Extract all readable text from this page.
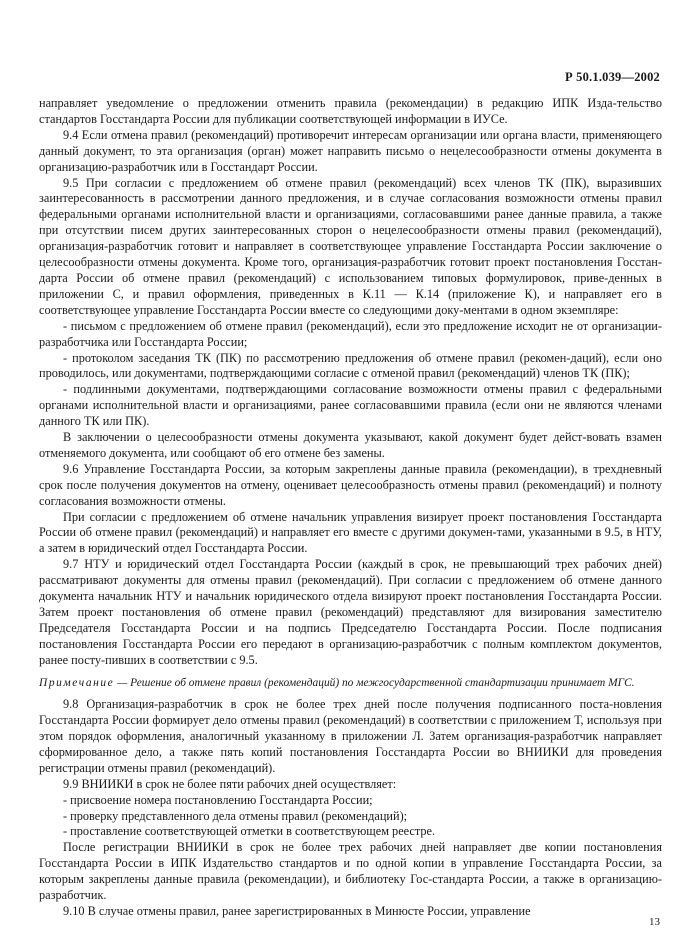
Р 50.1.039—2002

направляет уведомление о предложении отменить правила (рекомендации) в редакцию ИПК Изда-тельство стандартов Госстандарта России для публикации соответствующей информации в ИУСе.

9.4 Если отмена правил (рекомендаций) противоречит интересам организации или органа власти, применяющего данный документ, то эта организация (орган) может направить письмо о нецелесообразности отмены документа в организацию-разработчик или в Госстандарт России.

9.5 При согласии с предложением об отмене правил (рекомендаций) всех членов ТК (ПК), выразивших заинтересованность в рассмотрении данного предложения, и в случае согласования возможности отмены правил федеральными органами исполнительной власти и организациями, согласовавшими ранее данные правила, а также при отсутствии писем других заинтересованных сторон о нецелесообразности отмены правил (рекомендаций), организация-разработчик готовит и направляет в соответствующее управление Госстандарта России заключение о целесообразности отмены документа. Кроме того, организация-разработчик готовит проект постановления Госстан-дарта России об отмене правил (рекомендаций) с использованием типовых формулировок, приве-денных в приложении С, и правил оформления, приведенных в К.11 — К.14 (приложение К), и направляет его в соответствующее управление Госстандарта России вместе со следующими доку-ментами в одном экземпляре:

- письмом с предложением об отмене правил (рекомендаций), если это предложение исходит не от организации-разработчика или Госстандарта России;

- протоколом заседания ТК (ПК) по рассмотрению предложения об отмене правил (рекомен-даций), если оно проводилось, или документами, подтверждающими согласие с отменой правил (рекомендаций) членов ТК (ПК);

- подлинными документами, подтверждающими согласование возможности отмены правил с федеральными органами исполнительной власти и организациями, ранее согласовавшими правила (если они не являются членами данного ТК или ПК).

В заключении о целесообразности отмены документа указывают, какой документ будет дейст-вовать взамен отменяемого документа, или сообщают об его отмене без замены.

9.6 Управление Госстандарта России, за которым закреплены данные правила (рекомендации), в трехдневный срок после получения документов на отмену, оценивает целесообразность отмены правил (рекомендаций) и полноту согласования возможности отмены.

При согласии с предложением об отмене начальник управления визирует проект постановления Госстандарта России об отмене правил (рекомендаций) и направляет его вместе с другими докумен-тами, указанными в 9.5, в НТУ, а затем в юридический отдел Госстандарта России.

9.7 НТУ и юридический отдел Госстандарта России (каждый в срок, не превышающий трех рабочих дней) рассматривают документы для отмены правил (рекомендаций). При согласии с предложением об отмене данного документа начальник НТУ и начальник юридического отдела визируют проект постановления Госстандарта России. Затем проект постановления об отмене правил (рекомендаций) представляют для визирования заместителю Председателя Госстандарта России и на подпись Председателю Госстандарта России. После подписания постановления Госстандарта России его передают в организацию-разработчик с полным комплектом документов, ранее посту-пивших в соответствии с 9.5.

Примечание — Решение об отмене правил (рекомендаций) по межгосударственной стандартизации принимает МГС.

9.8 Организация-разработчик в срок не более трех дней после получения подписанного поста-новления Госстандарта России формирует дело отмены правил (рекомендаций) в соответствии с приложением Т, используя при этом порядок оформления, аналогичный указанному в приложении Л. Затем организация-разработчик направляет сформированное дело, а также пять копий постановления Госстандарта России во ВНИИКИ для проведения регистрации отмены правил (рекомендаций).

9.9 ВНИИКИ в срок не более пяти рабочих дней осуществляет:

- присвоение номера постановлению Госстандарта России;

- проверку представленного дела отмены правил (рекомендаций);

- проставление соответствующей отметки в соответствующем реестре.

После регистрации ВНИИКИ в срок не более трех рабочих дней направляет две копии постановления Госстандарта России в ИПК Издательство стандартов и по одной копии в управление Госстандарта России, за которым закреплены данные правила (рекомендации), и библиотеку Гос-стандарта России, а также в организацию-разработчик.

9.10 В случае отмены правил, ранее зарегистрированных в Минюсте России, управление

13
